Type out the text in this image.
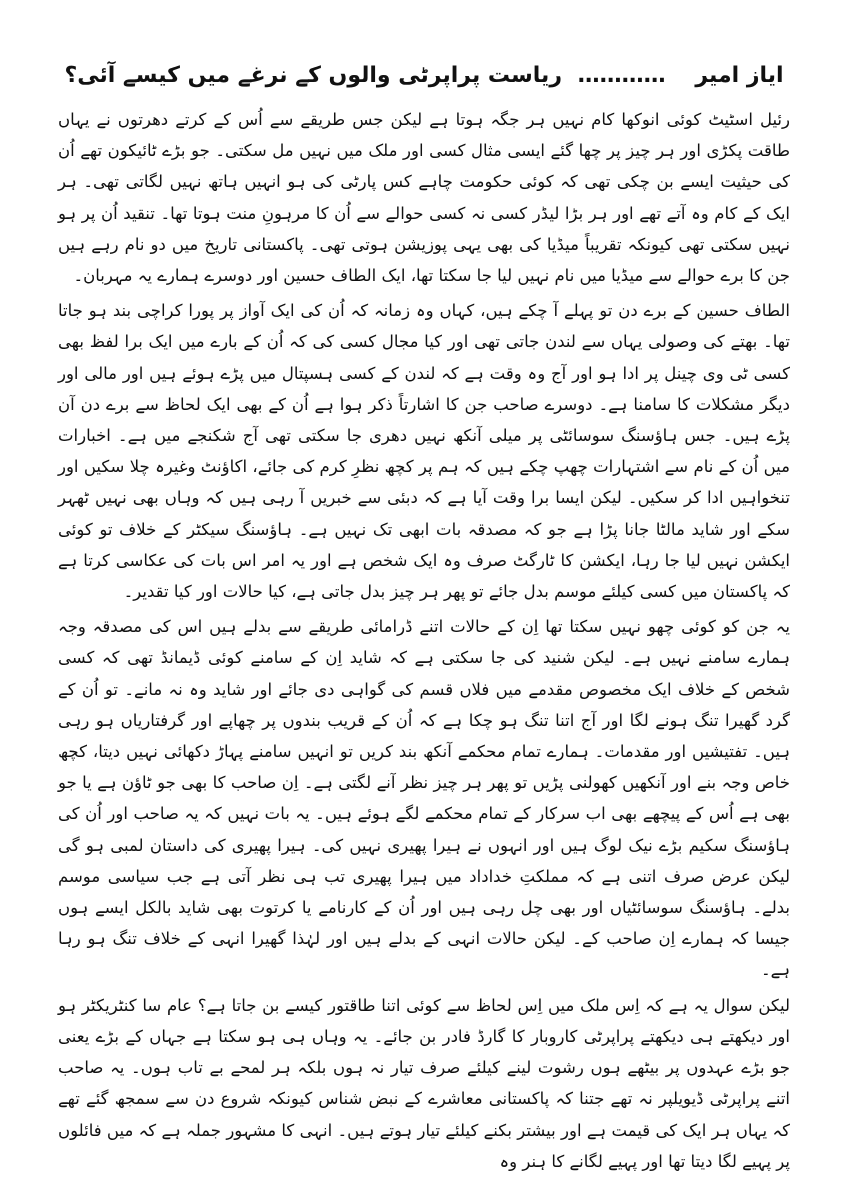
ایاز امیر ………… ریاست پراپرٹی والوں کے نرغے میں کیسے آئی؟

رئیل اسٹیٹ کوئی انوکھا کام نہیں ہر جگہ ہوتا ہے لیکن جس طریقے سے اُس کے کرتے دھرتوں نے یہاں طاقت پکڑی اور ہر چیز پر چھا گئے ایسی مثال کسی اور ملک میں نہیں مل سکتی۔ جو بڑے ٹائیکون تھے اُن کی حیثیت ایسے بن چکی تھی کہ کوئی حکومت چاہے کس پارٹی کی ہو انہیں ہاتھ نہیں لگاتی تھی۔ ہر ایک کے کام وہ آتے تھے اور ہر بڑا لیڈر کسی نہ کسی حوالے سے اُن کا مرہونِ منت ہوتا تھا۔ تنقید اُن پر ہو نہیں سکتی تھی کیونکہ تقریباً میڈیا کی بھی یہی پوزیشن ہوتی تھی۔ پاکستانی تاریخ میں دو نام رہے ہیں جن کا برے حوالے سے میڈیا میں نام نہیں لیا جا سکتا تھا، ایک الطاف حسین اور دوسرے ہمارے یہ مہربان۔

الطاف حسین کے برے دن تو پہلے آ چکے ہیں، کہاں وہ زمانہ کہ اُن کی ایک آواز پر پورا کراچی بند ہو جاتا تھا۔ بھتے کی وصولی یہاں سے لندن جاتی تھی اور کیا مجال کسی کی کہ اُن کے بارے میں ایک برا لفظ بھی کسی ٹی وی چینل پر ادا ہو اور آج وہ وقت ہے کہ لندن کے کسی ہسپتال میں پڑے ہوئے ہیں اور مالی اور دیگر مشکلات کا سامنا ہے۔ دوسرے صاحب جن کا اشارتاً ذکر ہوا ہے اُن کے بھی ایک لحاظ سے برے دن آن پڑے ہیں۔ جس ہاؤسنگ سوسائٹی پر میلی آنکھ نہیں دھری جا سکتی تھی آج شکنجے میں ہے۔ اخبارات میں اُن کے نام سے اشتہارات چھپ چکے ہیں کہ ہم پر کچھ نظرِ کرم کی جائے، اکاؤنٹ وغیرہ چلا سکیں اور تنخواہیں ادا کر سکیں۔ لیکن ایسا برا وقت آیا ہے کہ دبئی سے خبریں آ رہی ہیں کہ وہاں بھی نہیں ٹھہر سکے اور شاید مالٹا جانا پڑا ہے جو کہ مصدقہ بات ابھی تک نہیں ہے۔ ہاؤسنگ سیکٹر کے خلاف تو کوئی ایکشن نہیں لیا جا رہا، ایکشن کا ٹارگٹ صرف وہ ایک شخص ہے اور یہ امر اس بات کی عکاسی کرتا ہے کہ پاکستان میں کسی کیلئے موسم بدل جائے تو پھر ہر چیز بدل جاتی ہے، کیا حالات اور کیا تقدیر۔

یہ جن کو کوئی چھو نہیں سکتا تھا اِن کے حالات اتنے ڈرامائی طریقے سے بدلے ہیں اس کی مصدقہ وجہ ہمارے سامنے نہیں ہے۔ لیکن شنید کی جا سکتی ہے کہ شاید اِن کے سامنے کوئی ڈیمانڈ تھی کہ کسی شخص کے خلاف ایک مخصوص مقدمے میں فلاں قسم کی گواہی دی جائے اور شاید وہ نہ مانے۔ تو اُن کے گرد گھیرا تنگ ہونے لگا اور آج اتنا تنگ ہو چکا ہے کہ اُن کے قریب بندوں پر چھاپے اور گرفتاریاں ہو رہی ہیں۔ تفتیشیں اور مقدمات۔ ہمارے تمام محکمے آنکھ بند کریں تو انہیں سامنے پہاڑ دکھائی نہیں دیتا، کچھ خاص وجہ بنے اور آنکھیں کھولنی پڑیں تو پھر ہر چیز نظر آنے لگتی ہے۔ اِن صاحب کا بھی جو ٹاؤن ہے یا جو بھی ہے اُس کے پیچھے بھی اب سرکار کے تمام محکمے لگے ہوئے ہیں۔ یہ بات نہیں کہ یہ صاحب اور اُن کی ہاؤسنگ سکیم بڑے نیک لوگ ہیں اور انہوں نے ہیرا پھیری نہیں کی۔ ہیرا پھیری کی داستان لمبی ہو گی لیکن عرض صرف اتنی ہے کہ مملکتِ خداداد میں ہیرا پھیری تب ہی نظر آتی ہے جب سیاسی موسم بدلے۔ ہاؤسنگ سوسائٹیاں اور بھی چل رہی ہیں اور اُن کے کارنامے یا کرتوت بھی شاید بالکل ایسے ہوں جیسا کہ ہمارے اِن صاحب کے۔ لیکن حالات انہی کے بدلے ہیں اور لہٰذا گھیرا انہی کے خلاف تنگ ہو رہا ہے۔

لیکن سوال یہ ہے کہ اِس ملک میں اِس لحاظ سے کوئی اتنا طاقتور کیسے بن جاتا ہے؟ عام سا کنٹریکٹر ہو اور دیکھتے ہی دیکھتے پراپرٹی کاروبار کا گارڈ فادر بن جائے۔ یہ وہاں ہی ہو سکتا ہے جہاں کے بڑے یعنی جو بڑے عہدوں پر بیٹھے ہوں رشوت لینے کیلئے صرف تیار نہ ہوں بلکہ ہر لمحے بے تاب ہوں۔ یہ صاحب اتنے پراپرٹی ڈیویلپر نہ تھے جتنا کہ پاکستانی معاشرے کے نبض شناس کیونکہ شروع دن سے سمجھ گئے تھے کہ یہاں ہر ایک کی قیمت ہے اور بیشتر بکنے کیلئے تیار ہوتے ہیں۔ انہی کا مشہور جملہ ہے کہ میں فائلوں پر پہیے لگا دیتا تھا اور پہیے لگانے کا ہنر وہ
